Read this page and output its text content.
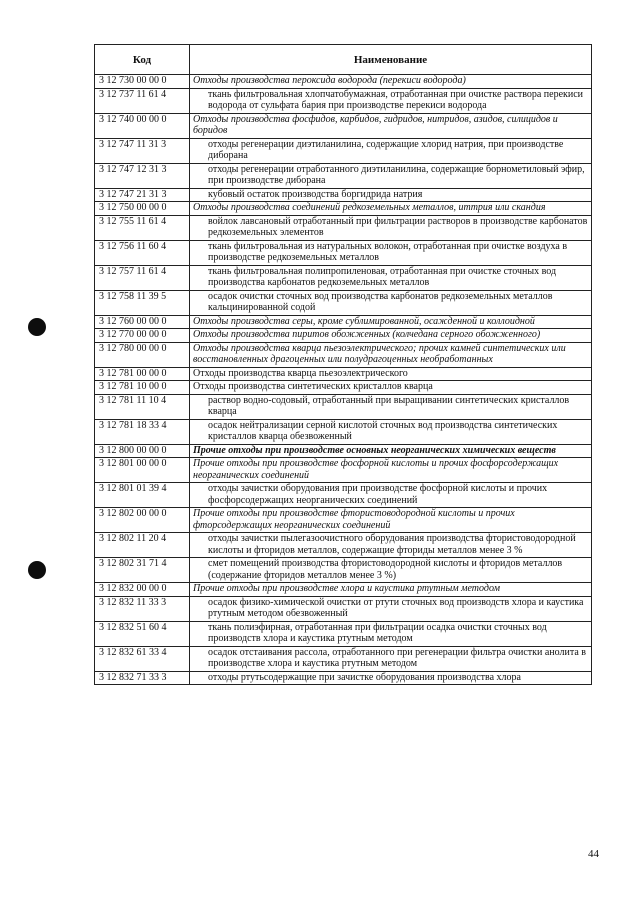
Код	Наименование
3 12 730 00 00 0	Отходы производства пероксида водорода (перекиси водорода)
3 12 737 11 61 4	ткань фильтровальная хлопчатобумажная, отработанная при очистке раствора перекиси водорода от сульфата бария при производстве перекиси водорода
3 12 740 00 00 0	Отходы производства фосфидов, карбидов, гидридов, нитридов, азидов, силицидов и боридов
3 12 747 11 31 3	отходы регенерации диэтиланилина, содержащие хлорид натрия, при производстве диборана
3 12 747 12 31 3	отходы регенерации отработанного диэтиланилина, содержащие борнометиловый эфир, при производстве диборана
3 12 747 21 31 3	кубовый остаток производства боргидрида натрия
3 12 750 00 00 0	Отходы производства соединений редкоземельных металлов, иттрия или скандия
3 12 755 11 61 4	войлок лавсановый отработанный при фильтрации растворов в производстве карбонатов редкоземельных элементов
3 12 756 11 60 4	ткань фильтровальная из натуральных волокон, отработанная при очистке воздуха в производстве редкоземельных металлов
3 12 757 11 61 4	ткань фильтровальная полипропиленовая, отработанная при очистке сточных вод производства карбонатов редкоземельных металлов
3 12 758 11 39 5	осадок очистки сточных вод производства карбонатов редкоземельных металлов кальцинированной содой
3 12 760 00 00 0	Отходы производства серы, кроме сублимированной, осажденной и коллоидной
3 12 770 00 00 0	Отходы производства пиритов обожженных (колчедана серного обожженного)
3 12 780 00 00 0	Отходы производства кварца пьезоэлектрического; прочих камней синтетических или восстановленных драгоценных или полудрагоценных необработанных
3 12 781 00 00 0	Отходы производства кварца пьезоэлектрического
3 12 781 10 00 0	Отходы производства синтетических кристаллов кварца
3 12 781 11 10 4	раствор водно-содовый, отработанный при выращивании синтетических кристаллов кварца
3 12 781 18 33 4	осадок нейтрализации серной кислотой сточных вод производства синтетических кристаллов кварца обезвоженный
3 12 800 00 00 0	Прочие отходы при производстве основных неорганических химических веществ
3 12 801 00 00 0	Прочие отходы при производстве фосфорной кислоты и прочих фосфорсодержащих неорганических соединений
3 12 801 01 39 4	отходы зачистки оборудования при производстве фосфорной кислоты и прочих фосфорсодержащих неорганических соединений
3 12 802 00 00 0	Прочие отходы при производстве фтористоводородной кислоты и прочих фторсодержащих неорганических соединений
3 12 802 11 20 4	отходы зачистки пылегазоочистного оборудования производства фтористоводородной кислоты и фторидов металлов, содержащие фториды металлов менее 3 %
3 12 802 31 71 4	смет помещений производства фтористоводородной кислоты и фторидов металлов (содержание фторидов металлов менее 3 %)
3 12 832 00 00 0	Прочие отходы при производстве хлора и каустика ртутным методом
3 12 832 11 33 3	осадок физико-химической очистки от ртути сточных вод производств хлора и каустика ртутным методом обезвоженный
3 12 832 51 60 4	ткань полиэфирная, отработанная при фильтрации осадка очистки сточных вод производств хлора и каустика ртутным методом
3 12 832 61 33 4	осадок отстаивания рассола, отработанного при регенерации фильтра очистки анолита в производстве хлора и каустика ртутным методом
3 12 832 71 33 3	отходы ртутьсодержащие при зачистке оборудования производства хлора
44
